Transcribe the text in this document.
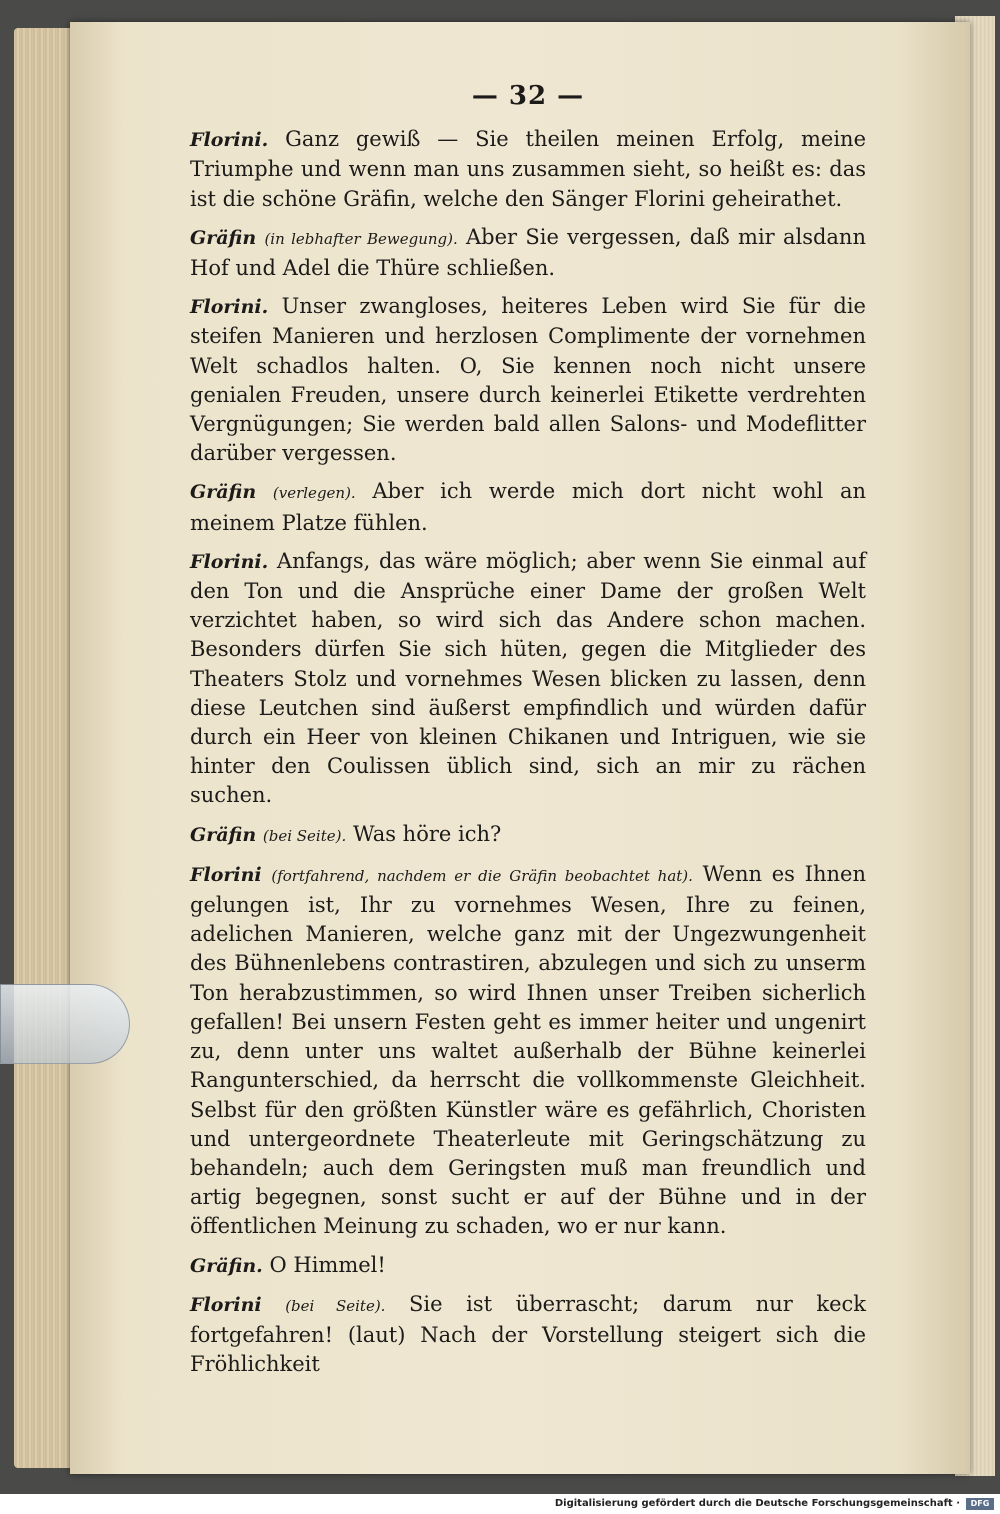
— 32 —

Florini. Ganz gewiß — Sie theilen meinen Erfolg, meine Triumphe und wenn man uns zusammen sieht, so heißt es: das ist die schöne Gräfin, welche den Sänger Florini geheirathet.

Gräfin (in lebhafter Bewegung). Aber Sie vergessen, daß mir alsdann Hof und Adel die Thüre schließen.

Florini. Unser zwangloses, heiteres Leben wird Sie für die steifen Manieren und herzlosen Complimente der vornehmen Welt schadlos halten. O, Sie kennen noch nicht unsere genialen Freuden, unsere durch keinerlei Etikette verdrehten Vergnügungen; Sie werden bald allen Salons- und Modeflitter darüber vergessen.

Gräfin (verlegen). Aber ich werde mich dort nicht wohl an meinem Platze fühlen.

Florini. Anfangs, das wäre möglich; aber wenn Sie einmal auf den Ton und die Ansprüche einer Dame der großen Welt verzichtet haben, so wird sich das Andere schon machen. Besonders dürfen Sie sich hüten, gegen die Mitglieder des Theaters Stolz und vornehmes Wesen blicken zu lassen, denn diese Leutchen sind äußerst empfindlich und würden dafür durch ein Heer von kleinen Chikanen und Intriguen, wie sie hinter den Coulissen üblich sind, sich an mir zu rächen suchen.

Gräfin (bei Seite). Was höre ich?

Florini (fortfahrend, nachdem er die Gräfin beobachtet hat). Wenn es Ihnen gelungen ist, Ihr zu vornehmes Wesen, Ihre zu feinen, adelichen Manieren, welche ganz mit der Ungezwungenheit des Bühnenlebens contrastiren, abzulegen und sich zu unserm Ton herabzustimmen, so wird Ihnen unser Treiben sicherlich gefallen! Bei unsern Festen geht es immer heiter und ungenirt zu, denn unter uns waltet außerhalb der Bühne keinerlei Rangunterschied, da herrscht die vollkommenste Gleichheit. Selbst für den größten Künstler wäre es gefährlich, Choristen und untergeordnete Theaterleute mit Geringschätzung zu behandeln; auch dem Geringsten muß man freundlich und artig begegnen, sonst sucht er auf der Bühne und in der öffentlichen Meinung zu schaden, wo er nur kann.

Gräfin. O Himmel!

Florini (bei Seite). Sie ist überrascht; darum nur keck fortgefahren! (laut) Nach der Vorstellung steigert sich die Fröhlichkeit

Digitalisierung gefördert durch die Deutsche Forschungsgemeinschaft ·	DFG
